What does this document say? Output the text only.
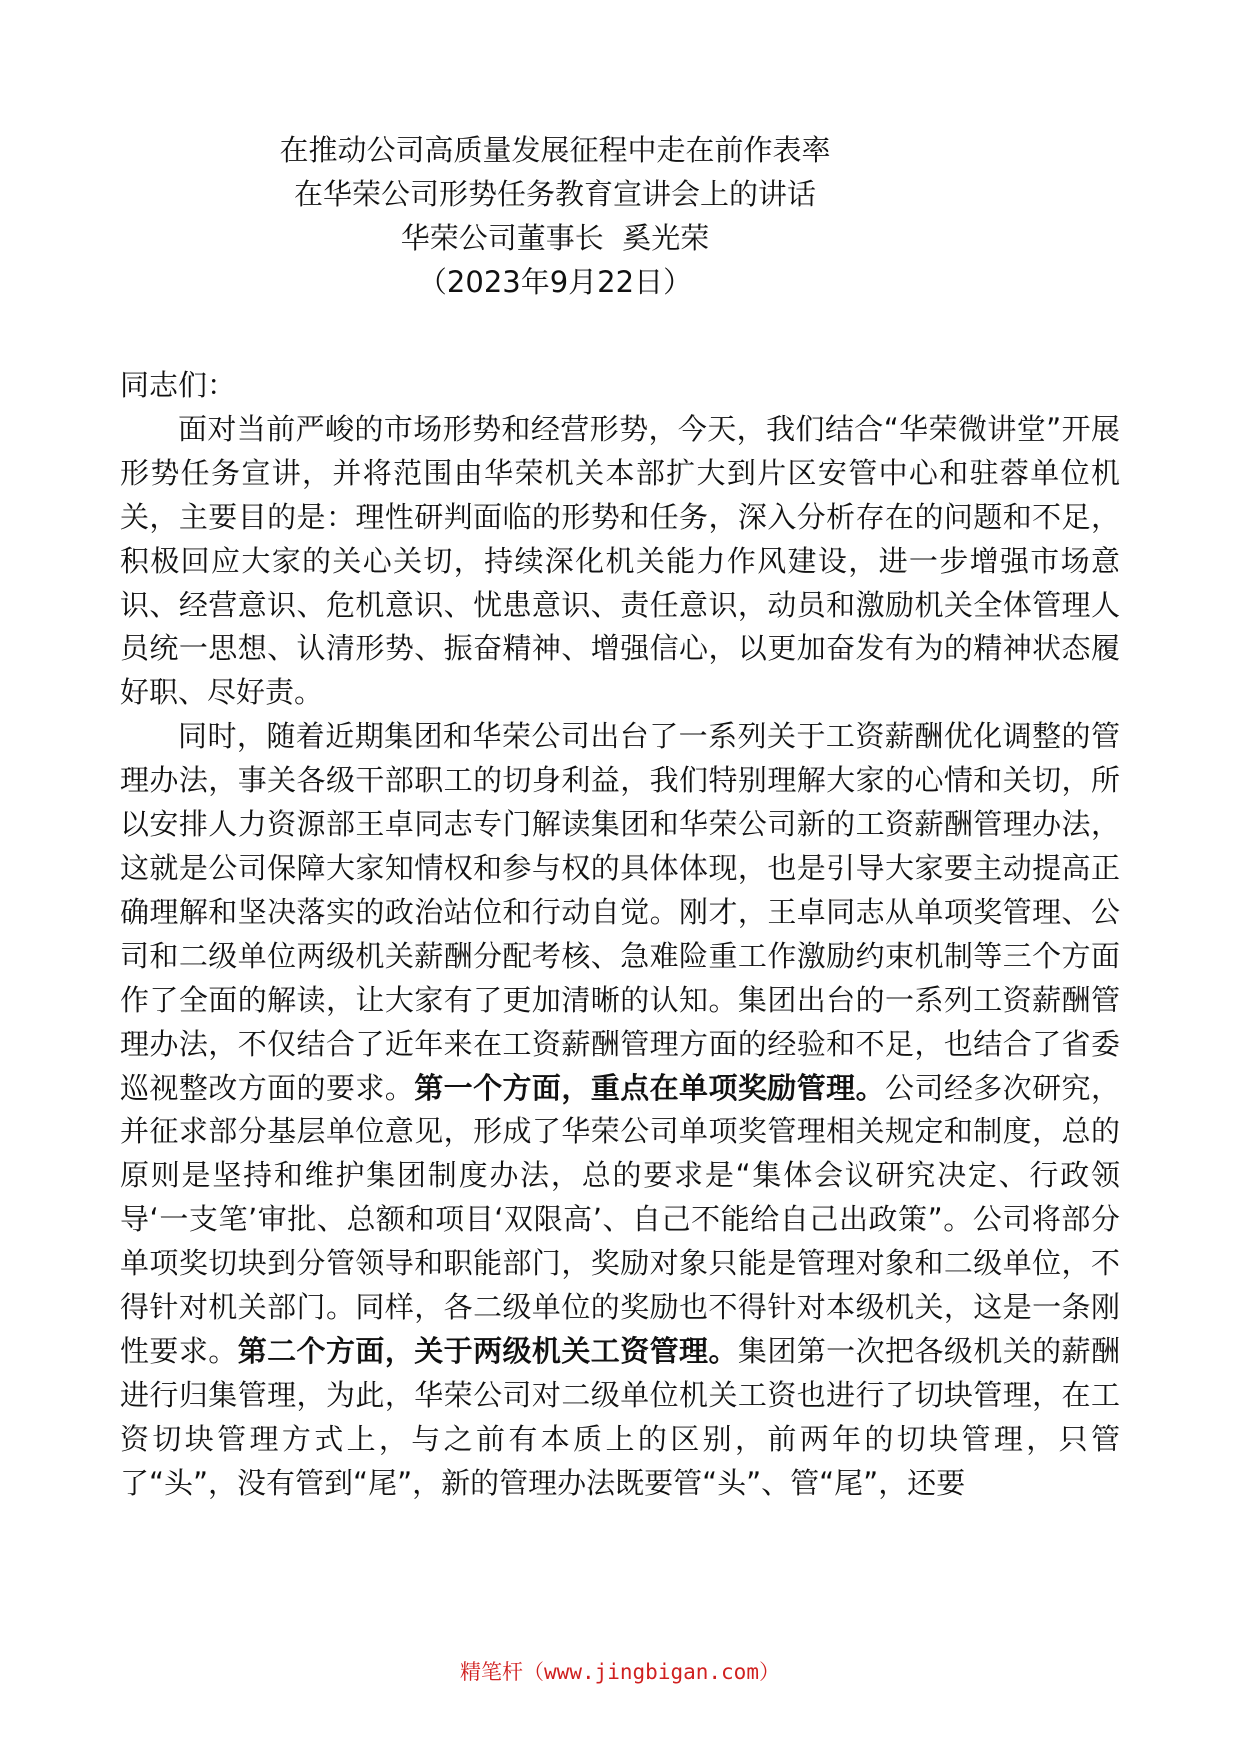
在推动公司高质量发展征程中走在前作表率

在华荣公司形势任务教育宣讲会上的讲话

华荣公司董事长  奚光荣

（2023年9月22日）

同志们：

面对当前严峻的市场形势和经营形势，今天，我们结合“华荣微讲堂”开展形势任务宣讲，并将范围由华荣机关本部扩大到片区安管中心和驻蓉单位机关，主要目的是：理性研判面临的形势和任务，深入分析存在的问题和不足，积极回应大家的关心关切，持续深化机关能力作风建设，进一步增强市场意识、经营意识、危机意识、忧患意识、责任意识，动员和激励机关全体管理人员统一思想、认清形势、振奋精神、增强信心，以更加奋发有为的精神状态履好职、尽好责。

同时，随着近期集团和华荣公司出台了一系列关于工资薪酬优化调整的管理办法，事关各级干部职工的切身利益，我们特别理解大家的心情和关切，所以安排人力资源部王卓同志专门解读集团和华荣公司新的工资薪酬管理办法，这就是公司保障大家知情权和参与权的具体体现，也是引导大家要主动提高正确理解和坚决落实的政治站位和行动自觉。刚才，王卓同志从单项奖管理、公司和二级单位两级机关薪酬分配考核、急难险重工作激励约束机制等三个方面作了全面的解读，让大家有了更加清晰的认知。集团出台的一系列工资薪酬管理办法，不仅结合了近年来在工资薪酬管理方面的经验和不足，也结合了省委巡视整改方面的要求。第一个方面，重点在单项奖励管理。公司经多次研究，并征求部分基层单位意见，形成了华荣公司单项奖管理相关规定和制度，总的原则是坚持和维护集团制度办法，总的要求是“集体会议研究决定、行政领导‘一支笔’审批、总额和项目‘双限高’、自己不能给自己出政策”。公司将部分单项奖切块到分管领导和职能部门，奖励对象只能是管理对象和二级单位，不得针对机关部门。同样，各二级单位的奖励也不得针对本级机关，这是一条刚性要求。第二个方面，关于两级机关工资管理。集团第一次把各级机关的薪酬进行归集管理，为此，华荣公司对二级单位机关工资也进行了切块管理，在工资切块管理方式上，与之前有本质上的区别，前两年的切块管理，只管了“头”，没有管到“尾”，新的管理办法既要管“头”、管“尾”，还要

精笔杆（www.jingbigan.com）
